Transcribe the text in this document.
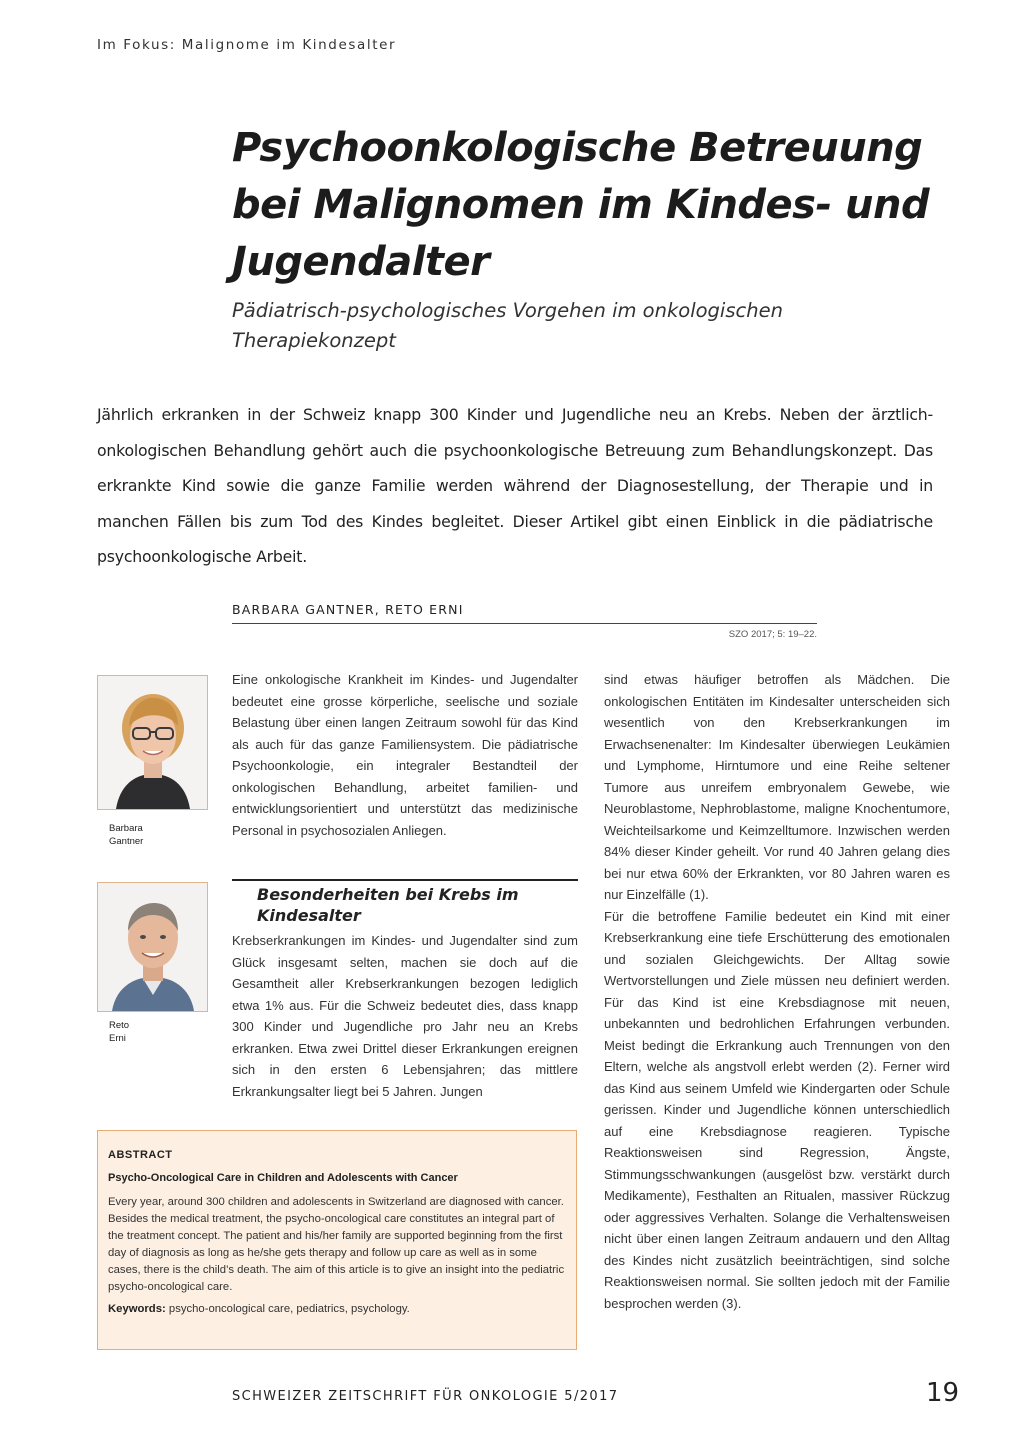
Im Fokus: Malignome im Kindesalter
Psychoonkologische Betreuung bei Malignomen im Kindes- und Jugendalter
Pädiatrisch-psychologisches Vorgehen im onkologischen Therapiekonzept
Jährlich erkranken in der Schweiz knapp 300 Kinder und Jugendliche neu an Krebs. Neben der ärztlich-onkologischen Behandlung gehört auch die psychoonkologische Betreuung zum Behandlungskonzept. Das erkrankte Kind sowie die ganze Familie werden während der Diagnosestellung, der Therapie und in manchen Fällen bis zum Tod des Kindes begleitet. Dieser Artikel gibt einen Einblick in die pädiatrische psychoonkologische Arbeit.
BARBARA GANTNER, RETO ERNI
SZO 2017; 5: 19–22.
Barbara
Gantner
Reto
Erni

Eine onkologische Krankheit im Kindes- und Jugendalter bedeutet eine grosse körperliche, seelische und soziale Belastung über einen langen Zeitraum sowohl für das Kind als auch für das ganze Familiensystem. Die pädiatrische Psychoonkologie, ein integraler Bestandteil der onkologischen Behandlung, arbeitet familien- und entwicklungsorientiert und unterstützt das medizinische Personal in psychosozialen Anliegen.

Besonderheiten bei Krebs im Kindesalter

Krebserkrankungen im Kindes- und Jugendalter sind zum Glück insgesamt selten, machen sie doch auf die Gesamtheit aller Krebserkrankungen bezogen lediglich etwa 1% aus. Für die Schweiz bedeutet dies, dass knapp 300 Kinder und Jugendliche pro Jahr neu an Krebs erkranken. Etwa zwei Drittel dieser Erkrankungen ereignen sich in den ersten 6 Lebensjahren; das mittlere Erkrankungsalter liegt bei 5 Jahren. Jungen

sind etwas häufiger betroffen als Mädchen. Die onkologischen Entitäten im Kindesalter unterscheiden sich wesentlich von den Krebserkrankungen im Erwachsenenalter: Im Kindesalter überwiegen Leukämien und Lymphome, Hirntumore und eine Reihe seltener Tumore aus unreifem embryonalem Gewebe, wie Neuroblastome, Nephroblastome, maligne Knochentumore, Weichteilsarkome und Keimzelltumore. Inzwischen werden 84% dieser Kinder geheilt. Vor rund 40 Jahren gelang dies bei nur etwa 60% der Erkrankten, vor 80 Jahren waren es nur Einzelfälle (1).

Für die betroffene Familie bedeutet ein Kind mit einer Krebserkrankung eine tiefe Erschütterung des emotionalen und sozialen Gleichgewichts. Der Alltag sowie Wertvorstellungen und Ziele müssen neu definiert werden. Für das Kind ist eine Krebsdiagnose mit neuen, unbekannten und bedrohlichen Erfahrungen verbunden. Meist bedingt die Erkrankung auch Trennungen von den Eltern, welche als angstvoll erlebt werden (2). Ferner wird das Kind aus seinem Umfeld wie Kindergarten oder Schule gerissen. Kinder und Jugendliche können unterschiedlich auf eine Krebsdiagnose reagieren. Typische Reaktionsweisen sind Regression, Ängste, Stimmungsschwankungen (ausgelöst bzw. verstärkt durch Medikamente), Festhalten an Ritualen, massiver Rückzug oder aggressives Verhalten. Solange die Verhaltensweisen nicht über einen langen Zeitraum andauern und den Alltag des Kindes nicht zusätzlich beeinträchtigen, sind solche Reaktionsweisen normal. Sie sollten jedoch mit der Familie besprochen werden (3).

ABSTRACT
Psycho-Oncological Care in Children and Adolescents with Cancer
Every year, around 300 children and adolescents in Switzerland are diagnosed with cancer. Besides the medical treatment, the psycho-oncological care constitutes an integral part of the treatment concept. The patient and his/her family are supported beginning from the first day of diagnosis as long as he/she gets therapy and follow up care as well as in some cases, there is the child’s death. The aim of this article is to give an insight into the pediatric psycho-oncological care.
Keywords: psycho-oncological care, pediatrics, psychology.
SCHWEIZER ZEITSCHRIFT FÜR ONKOLOGIE 5/2017	19
